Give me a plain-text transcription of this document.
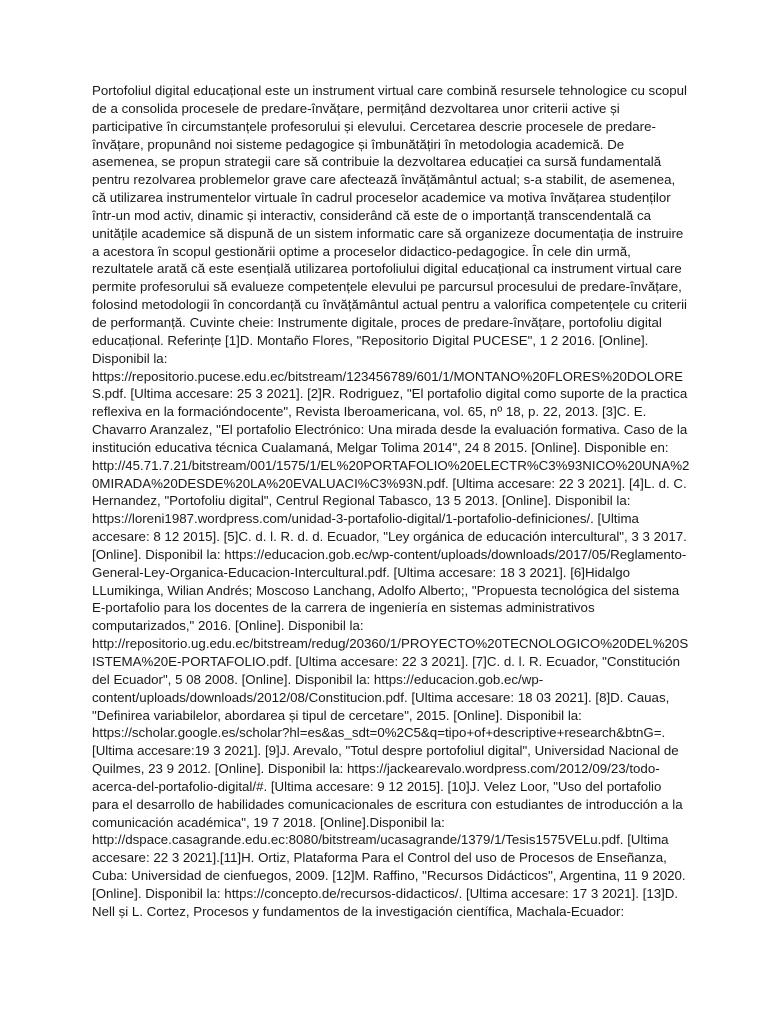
Portofoliul digital educațional este un instrument virtual care combină resursele tehnologice cu scopul de a consolida procesele de predare-învățare, permițând dezvoltarea unor criterii active și participative în circumstanțele profesorului și elevului. Cercetarea descrie procesele de predare-învățare, propunând noi sisteme pedagogice și îmbunătățiri în metodologia academică. De asemenea, se propun strategii care să contribuie la dezvoltarea educației ca sursă fundamentală pentru rezolvarea problemelor grave care afectează învățământul actual; s-a stabilit, de asemenea, că utilizarea instrumentelor virtuale în cadrul proceselor academice va motiva învățarea studenților într-un mod activ, dinamic și interactiv, considerând că este de o importanță transcendentală ca unitățile academice să dispună de un sistem informatic care să organizeze documentația de instruire a acestora în scopul gestionării optime a proceselor didactico-pedagogice. În cele din urmă, rezultatele arată că este esențială utilizarea portofoliului digital educațional ca instrument virtual care permite profesorului să evalueze competențele elevului pe parcursul procesului de predare-învățare, folosind metodologii în concordanță cu învățământul actual pentru a valorifica competențele cu criterii de performanță. Cuvinte cheie: Instrumente digitale, proces de predare-învățare, portofoliu digital educațional. Referințe [1]D. Montaño Flores, "Repositorio Digital PUCESE", 1 2 2016. [Online]. Disponibil la: https://repositorio.pucese.edu.ec/bitstream/123456789/601/1/MONTANO%20FLORES%20DOLORES.pdf. [Ultima accesare: 25 3 2021]. [2]R. Rodriguez, "El portafolio digital como suporte de la practica reflexiva en la formacióndocente", Revista Iberoamericana, vol. 65, nº 18, p. 22, 2013. [3]C. E. Chavarro Aranzalez, "El portafolio Electrónico: Una mirada desde la evaluación formativa. Caso de la institución educativa técnica Cualamaná, Melgar Tolima 2014", 24 8 2015. [Online]. Disponible en: http://45.71.7.21/bitstream/001/1575/1/EL%20PORTAFOLIO%20ELECTR%C3%93NICO%20UNA%20MIRADA%20DESDE%20LA%20EVALUACI%C3%93N.pdf. [Ultima accesare: 22 3 2021]. [4]L. d. C. Hernandez, "Portofoliu digital", Centrul Regional Tabasco, 13 5 2013. [Online]. Disponibil la: https://loreni1987.wordpress.com/unidad-3-portafolio-digital/1-portafolio-definiciones/. [Ultima accesare: 8 12 2015]. [5]C. d. l. R. d. d. Ecuador, "Ley orgánica de educación intercultural", 3 3 2017. [Online]. Disponibil la: https://educacion.gob.ec/wp-content/uploads/downloads/2017/05/Reglamento-General-Ley-Organica-Educacion-Intercultural.pdf. [Ultima accesare: 18 3 2021]. [6]Hidalgo LLumikinga, Wilian Andrés; Moscoso Lanchang, Adolfo Alberto;, "Propuesta tecnológica del sistema E-portafolio para los docentes de la carrera de ingeniería en sistemas administrativos computarizados," 2016. [Online]. Disponibil la: http://repositorio.ug.edu.ec/bitstream/redug/20360/1/PROYECTO%20TECNOLOGICO%20DEL%20SISTEMA%20E-PORTAFOLIO.pdf. [Ultima accesare: 22 3 2021]. [7]C. d. l. R. Ecuador, "Constitución del Ecuador", 5 08 2008. [Online]. Disponibil la: https://educacion.gob.ec/wp-content/uploads/downloads/2012/08/Constitucion.pdf. [Ultima accesare: 18 03 2021]. [8]D. Cauas, "Definirea variabilelor, abordarea și tipul de cercetare", 2015. [Online]. Disponibil la: https://scholar.google.es/scholar?hl=es&as_sdt=0%2C5&q=tipo+of+descriptive+research&btnG=. [Ultima accesare:19 3 2021]. [9]J. Arevalo, "Totul despre portofoliul digital", Universidad Nacional de Quilmes, 23 9 2012. [Online]. Disponibil la: https://jackearevalo.wordpress.com/2012/09/23/todo-acerca-del-portafolio-digital/#. [Ultima accesare: 9 12 2015]. [10]J. Velez Loor, "Uso del portafolio para el desarrollo de habilidades comunicacionales de escritura con estudiantes de introducción a la comunicación académica", 19 7 2018. [Online].Disponibil la: http://dspace.casagrande.edu.ec:8080/bitstream/ucasagrande/1379/1/Tesis1575VELu.pdf. [Ultima accesare: 22 3 2021].[11]H. Ortiz, Plataforma Para el Control del uso de Procesos de Enseñanza, Cuba: Universidad de cienfuegos, 2009. [12]M. Raffino, "Recursos Didácticos", Argentina, 11 9 2020. [Online]. Disponibil la: https://concepto.de/recursos-didacticos/. [Ultima accesare: 17 3 2021]. [13]D. Nell și L. Cortez, Procesos y fundamentos de la investigación científica, Machala-Ecuador:
